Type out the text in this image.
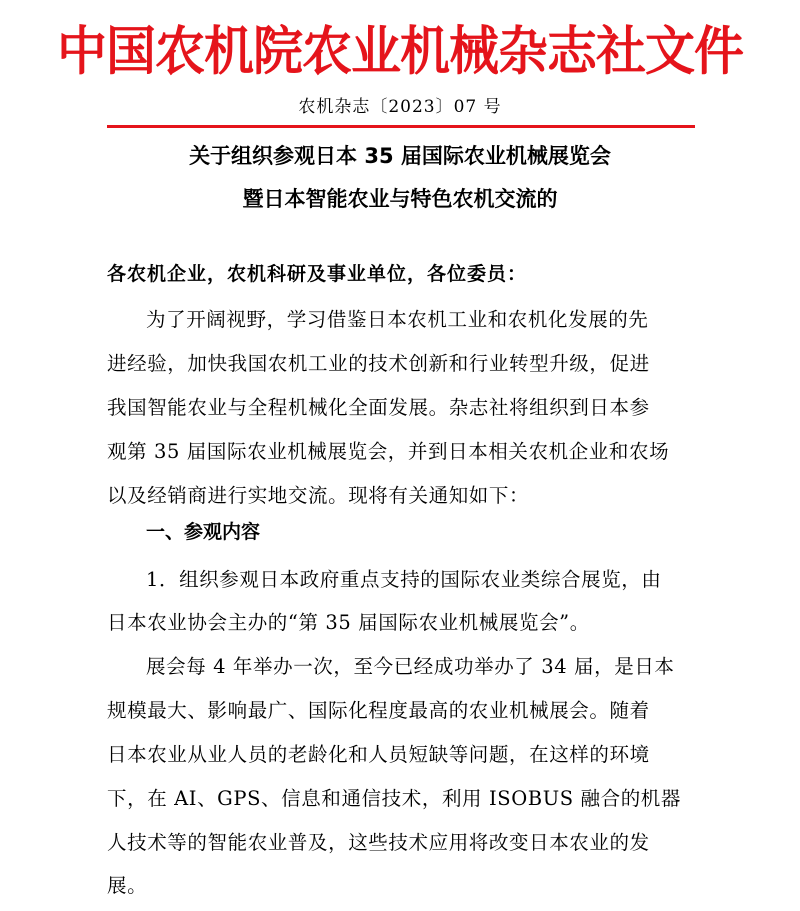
中国农机院农业机械杂志社文件
农机杂志〔2023〕07 号
关于组织参观日本 35 届国际农业机械展览会
暨日本智能农业与特色农机交流的
各农机企业，农机科研及事业单位，各位委员：
为了开阔视野，学习借鉴日本农机工业和农机化发展的先
进经验，加快我国农机工业的技术创新和行业转型升级，促进
我国智能农业与全程机械化全面发展。杂志社将组织到日本参
观第 35 届国际农业机械展览会，并到日本相关农机企业和农场
以及经销商进行实地交流。现将有关通知如下：
一、参观内容
1．组织参观日本政府重点支持的国际农业类综合展览，由
日本农业协会主办的“第 35 届国际农业机械展览会”。
展会每 4 年举办一次，至今已经成功举办了 34 届，是日本
规模最大、影响最广、国际化程度最高的农业机械展会。随着
日本农业从业人员的老龄化和人员短缺等问题，在这样的环境
下，在 AI、GPS、信息和通信技术，利用 ISOBUS 融合的机器
人技术等的智能农业普及，这些技术应用将改变日本农业的发
展。
